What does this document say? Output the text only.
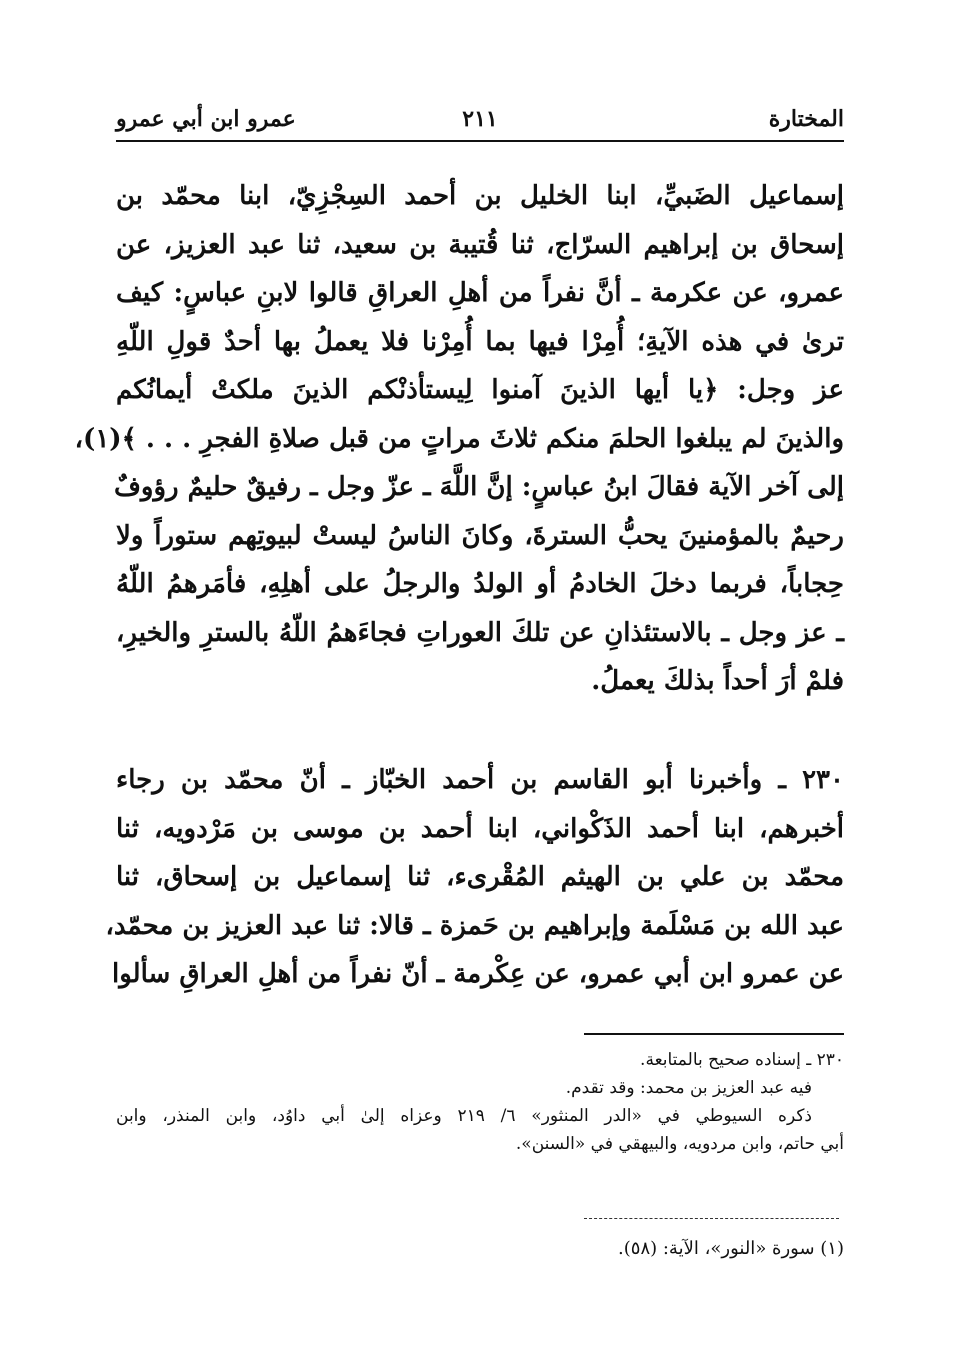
المختارة
٢١١
عمرو ابن أبي عمرو
إسماعيل الضَبيِّ، ابنا الخليل بن أحمد السِجْزِيّ، ابنا محمّد بن
إسحاق بن إبراهيم السرّاج، ثنا قُتيبة بن سعيد، ثنا عبد العزيز، عن
عمرو، عن عكرمة ـ أنَّ نفراً من أهلِ العراقِ قالوا لابنِ عباسٍ: كيف
ترىٰ في هذه الآيةِ؛ أُمِرْا فيها بما أُمِرْنا فلا يعملُ بها أحدٌ قولِ اللّهِ
عز وجل: ﴿يا أيها الذينَ آمنوا لِيستأذنْكم الذينَ ملكتْ أيمانُكم
والذينَ لم يبلغوا الحلمَ منكم ثلاثَ مراتٍ من قبل صلاةِ الفجرِ . . . ﴾(١)،
إلى آخر الآية فقالَ ابنُ عباسٍ: إنَّ اللَّهَ ـ عزّ وجل ـ رفيقٌ حليمٌ رؤوفٌ
رحيمٌ بالمؤمنينَ يحبُّ السترةَ، وكانَ الناسُ ليستْ لبيوتِهم ستوراً ولا
حِجاباً، فربما دخلَ الخادمُ أو الولدُ والرجلُ على أهلِهِ، فأمَرهمُ اللّهُ
ـ عز وجل ـ بالاستئذانِ عن تلكَ العوراتِ فجاءَهمُ اللّهُ بالسترِ والخيرِ،
فلمْ أرَ أحداً بذلكَ يعملُ.
٢٣٠ ـ وأخبرنا أبو القاسم بن أحمد الخبّاز ـ أنّ محمّد بن رجاء
أخبرهم، ابنا أحمد الذَكْواني، ابنا أحمد بن موسى بن مَرْدويه، ثنا
محمّد بن علي بن الهيثم المُقْرىء، ثنا إسماعيل بن إسحاق، ثنا
عبد الله بن مَسْلَمة وإبراهيم بن حَمزة ـ قالا: ثنا عبد العزيز بن محمّد،
عن عمرو ابن أبي عمرو، عن عِكْرمة ـ أنّ نفراً من أهلِ العراقِ سألوا
٢٣٠ ـ إسناده صحيح بالمتابعة.
فيه عبد العزيز بن محمد: وقد تقدم.
ذكره السيوطي في «الدر المنثور» ٦/ ٢١٩ وعزاه إلىٰ أبي داوُد، وابن المنذر، وابن
أبي حاتم، وابن مردويه، والبيهقي في «السنن».
(١) سورة «النور»، الآية: (٥٨).
